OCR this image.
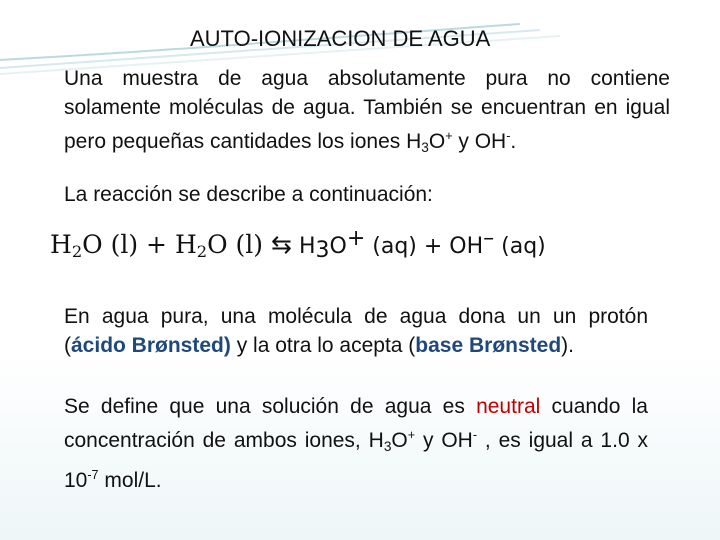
AUTO-IONIZACION DE AGUA
Una muestra de agua absolutamente pura no contiene solamente moléculas de agua. También se encuentran en igual pero pequeñas cantidades los iones $H_3O^+$ y OH-.
La reacción se describe a continuación:
$H_2O$ $(l) + H_2O$ (l) ⇆ $H_3O^+$ (aq) + OH– (aq)
En agua pura, una molécula de agua dona un un protón (ácido Brønsted) y la otra lo acepta (base Brønsted).
Se define que una solución de agua es neutral cuando la concentración de ambos iones, $H_3O^+$ y OH- , es igual a 1.0 x $10^{-7}$ mol/L.
